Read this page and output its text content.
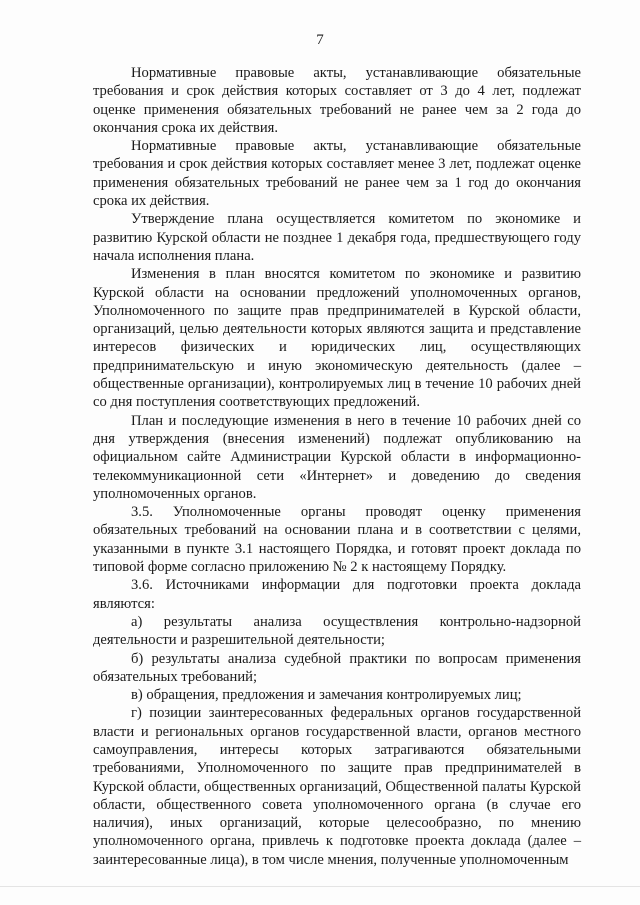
7

Нормативные правовые акты, устанавливающие обязательные требования и срок действия которых составляет от 3 до 4 лет, подлежат оценке применения обязательных требований не ранее чем за 2 года до окончания срока их действия.

Нормативные правовые акты, устанавливающие обязательные требования и срок действия которых составляет менее 3 лет, подлежат оценке применения обязательных требований не ранее чем за 1 год до окончания срока их действия.

Утверждение плана осуществляется комитетом по экономике и развитию Курской области не позднее 1 декабря года, предшествующего году начала исполнения плана.

Изменения в план вносятся комитетом по экономике и развитию Курской области на основании предложений уполномоченных органов, Уполномоченного по защите прав предпринимателей в Курской области, организаций, целью деятельности которых являются защита и представление интересов физических и юридических лиц, осуществляющих предпринимательскую и иную экономическую деятельность (далее – общественные организации), контролируемых лиц в течение 10 рабочих дней со дня поступления соответствующих предложений.

План и последующие изменения в него в течение 10 рабочих дней со дня утверждения (внесения изменений) подлежат опубликованию на официальном сайте Администрации Курской области в информационно-телекоммуникационной сети «Интернет» и доведению до сведения уполномоченных органов.

3.5. Уполномоченные органы проводят оценку применения обязательных требований на основании плана и в соответствии с целями, указанными в пункте 3.1 настоящего Порядка, и готовят проект доклада по типовой форме согласно приложению № 2 к настоящему Порядку.

3.6. Источниками информации для подготовки проекта доклада являются:

а) результаты анализа осуществления контрольно-надзорной деятельности и разрешительной деятельности;

б) результаты анализа судебной практики по вопросам применения обязательных требований;

в) обращения, предложения и замечания контролируемых лиц;

г) позиции заинтересованных федеральных органов государственной власти и региональных органов государственной власти, органов местного самоуправления, интересы которых затрагиваются обязательными требованиями, Уполномоченного по защите прав предпринимателей в Курской области, общественных организаций, Общественной палаты Курской области, общественного совета уполномоченного органа (в случае его наличия), иных организаций, которые целесообразно, по мнению уполномоченного органа, привлечь к подготовке проекта доклада (далее – заинтересованные лица), в том числе мнения, полученные уполномоченным
